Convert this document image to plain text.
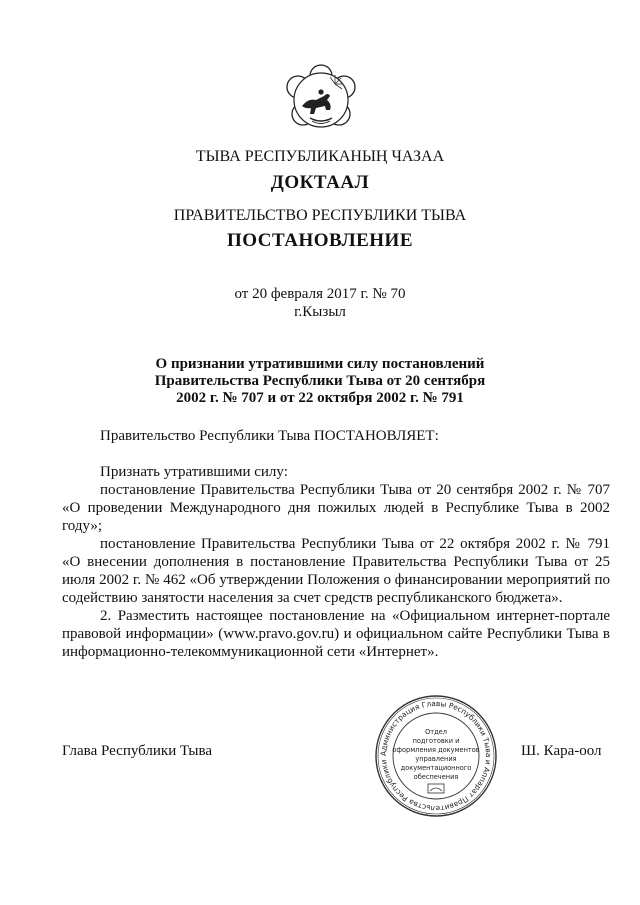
ТЫВА РЕСПУБЛИКАНЫҢ ЧАЗАА
ДОКТААЛ
ПРАВИТЕЛЬСТВО РЕСПУБЛИКИ ТЫВА
ПОСТАНОВЛЕНИЕ
от 20 февраля 2017 г. № 70
г.Кызыл
О признании утратившими силу постановлений
Правительства Республики Тыва от 20 сентября
2002 г. № 707 и от 22 октября 2002 г. № 791

Правительство Республики Тыва ПОСТАНОВЛЯЕТ:

Признать утратившими силу:

постановление Правительства Республики Тыва от 20 сентября 2002 г. № 707 «О проведении Международного дня пожилых людей в Республике Тыва в 2002 году»;

постановление Правительства Республики Тыва от 22 октября 2002 г. № 791 «О внесении дополнения в постановление Правительства Республики Тыва от 25 июля 2002 г. № 462 «Об утверждении Положения о финансировании мероприятий по содействию занятости населения за счет средств республиканского бюджета».

2. Разместить настоящее постановление на «Официальном интернет-портале правовой информации» (www.pravo.gov.ru) и официальном сайте Республики Тыва в информационно-телекоммуникационной сети «Интернет».

Администрация Главы Республики Тыва и Аппарат Правительства Республики
Отдел
подготовки и
оформления документов
управления
документационного
обеспечения
Глава Республики Тыва	Ш. Кара-оол
